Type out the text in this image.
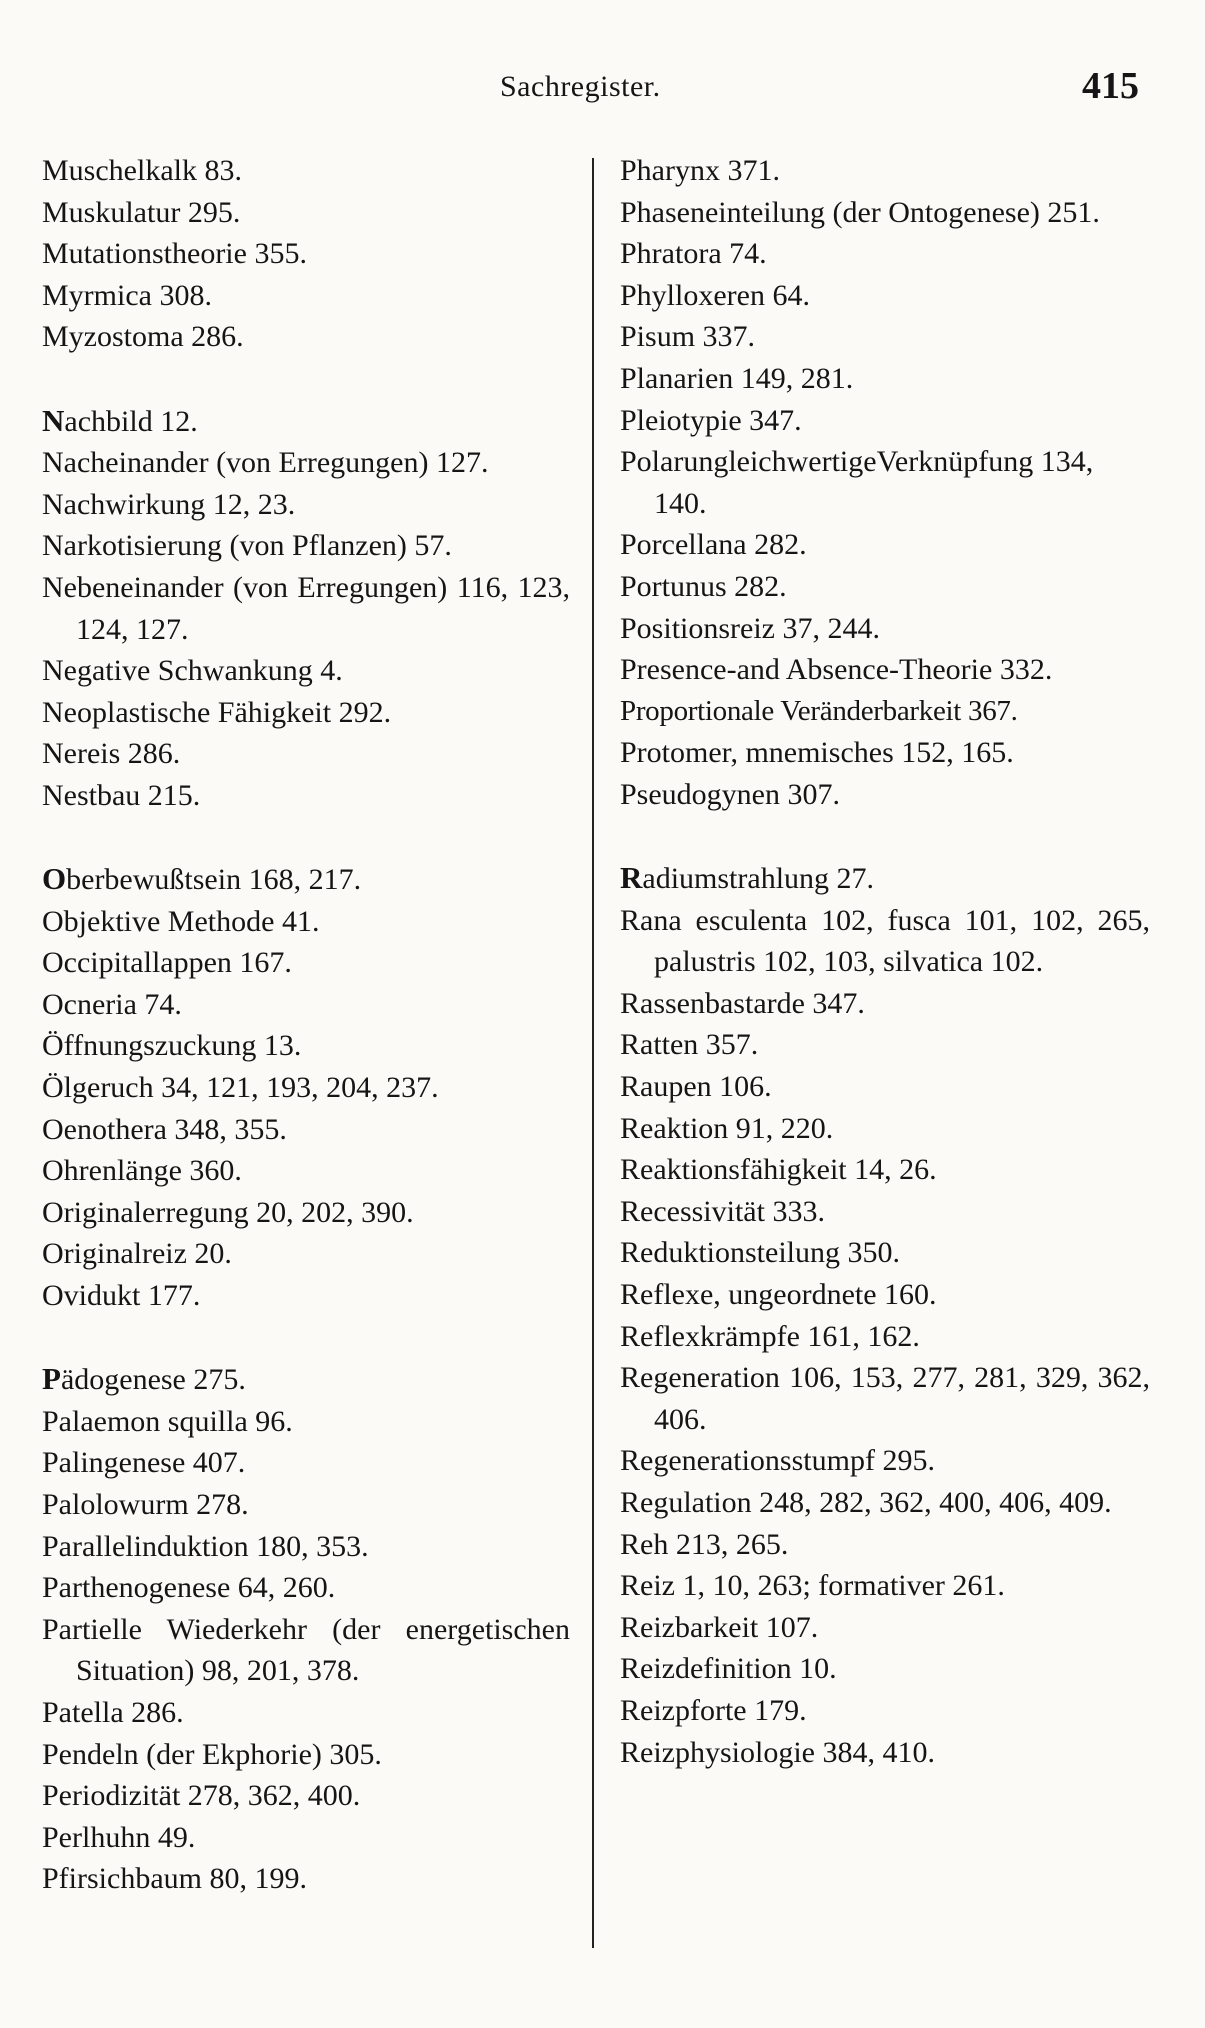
Sachregister.	415

Muschelkalk 83.

Muskulatur 295.

Mutationstheorie 355.

Myrmica 308.

Myzostoma 286.

Nachbild 12.

Nacheinander (von Erregungen) 127.

Nachwirkung 12, 23.

Narkotisierung (von Pflanzen) 57.

Nebeneinander (von Erregungen) 116, 123, 124, 127.

Negative Schwankung 4.

Neoplastische Fähigkeit 292.

Nereis 286.

Nestbau 215.

Oberbewußtsein 168, 217.

Objektive Methode 41.

Occipitallappen 167.

Ocneria 74.

Öffnungszuckung 13.

Ölgeruch 34, 121, 193, 204, 237.

Oenothera 348, 355.

Ohrenlänge 360.

Originalerregung 20, 202, 390.

Originalreiz 20.

Ovidukt 177.

Pädogenese 275.

Palaemon squilla 96.

Palingenese 407.

Palolowurm 278.

Parallelinduktion 180, 353.

Parthenogenese 64, 260.

Partielle Wiederkehr (der energetischen Situation) 98, 201, 378.

Patella 286.

Pendeln (der Ekphorie) 305.

Periodizität 278, 362, 400.

Perlhuhn 49.

Pfirsichbaum 80, 199.

Pharynx 371.

Phaseneinteilung (der Ontogenese) 251.

Phratora 74.

Phylloxeren 64.

Pisum 337.

Planarien 149, 281.

Pleiotypie 347.

PolarungleichwertigeVerknüpfung 134, 140.

Porcellana 282.

Portunus 282.

Positionsreiz 37, 244.

Presence-and Absence-Theorie 332.

Proportionale Veränderbarkeit 367.

Protomer, mnemisches 152, 165.

Pseudogynen 307.

Radiumstrahlung 27.

Rana esculenta 102, fusca 101, 102, 265, palustris 102, 103, silvatica 102.

Rassenbastarde 347.

Ratten 357.

Raupen 106.

Reaktion 91, 220.

Reaktionsfähigkeit 14, 26.

Recessivität 333.

Reduktionsteilung 350.

Reflexe, ungeordnete 160.

Reflexkrämpfe 161, 162.

Regeneration 106, 153, 277, 281, 329, 362, 406.

Regenerationsstumpf 295.

Regulation 248, 282, 362, 400, 406, 409.

Reh 213, 265.

Reiz 1, 10, 263; formativer 261.

Reizbarkeit 107.

Reizdefinition 10.

Reizpforte 179.

Reizphysiologie 384, 410.
